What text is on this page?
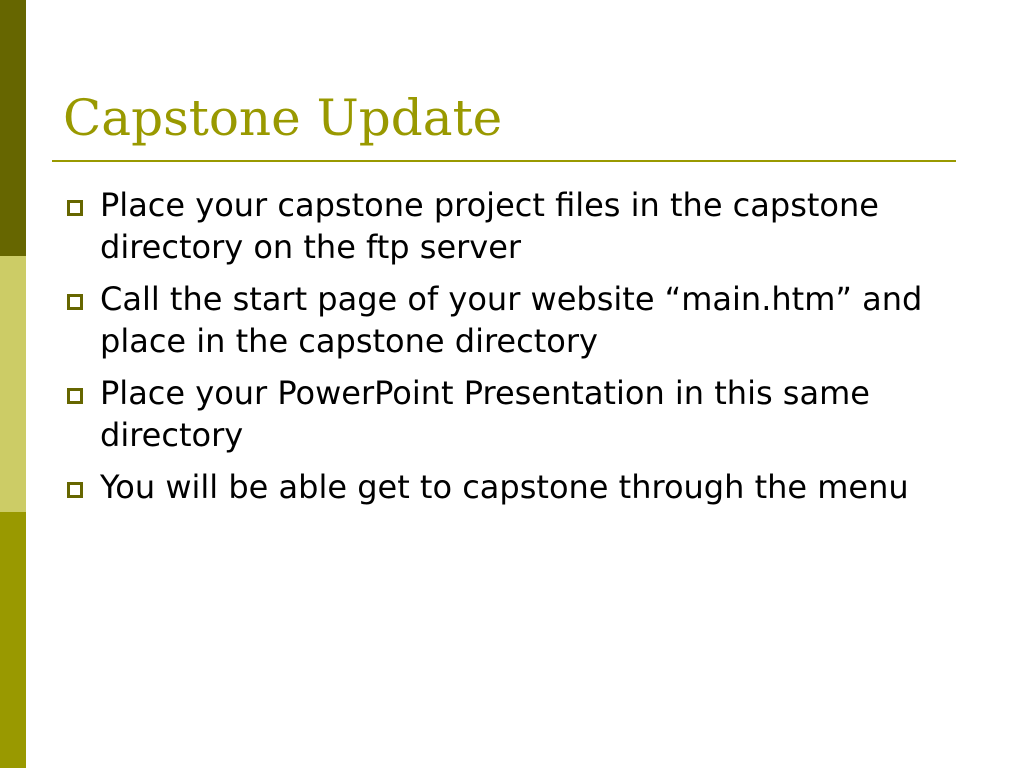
Capstone Update
Place your capstone project files in the capstone directory on the ftp server
Call the start page of your website “main.htm” and place in the capstone directory
Place your PowerPoint Presentation in this same directory
You will be able get to capstone through the menu
